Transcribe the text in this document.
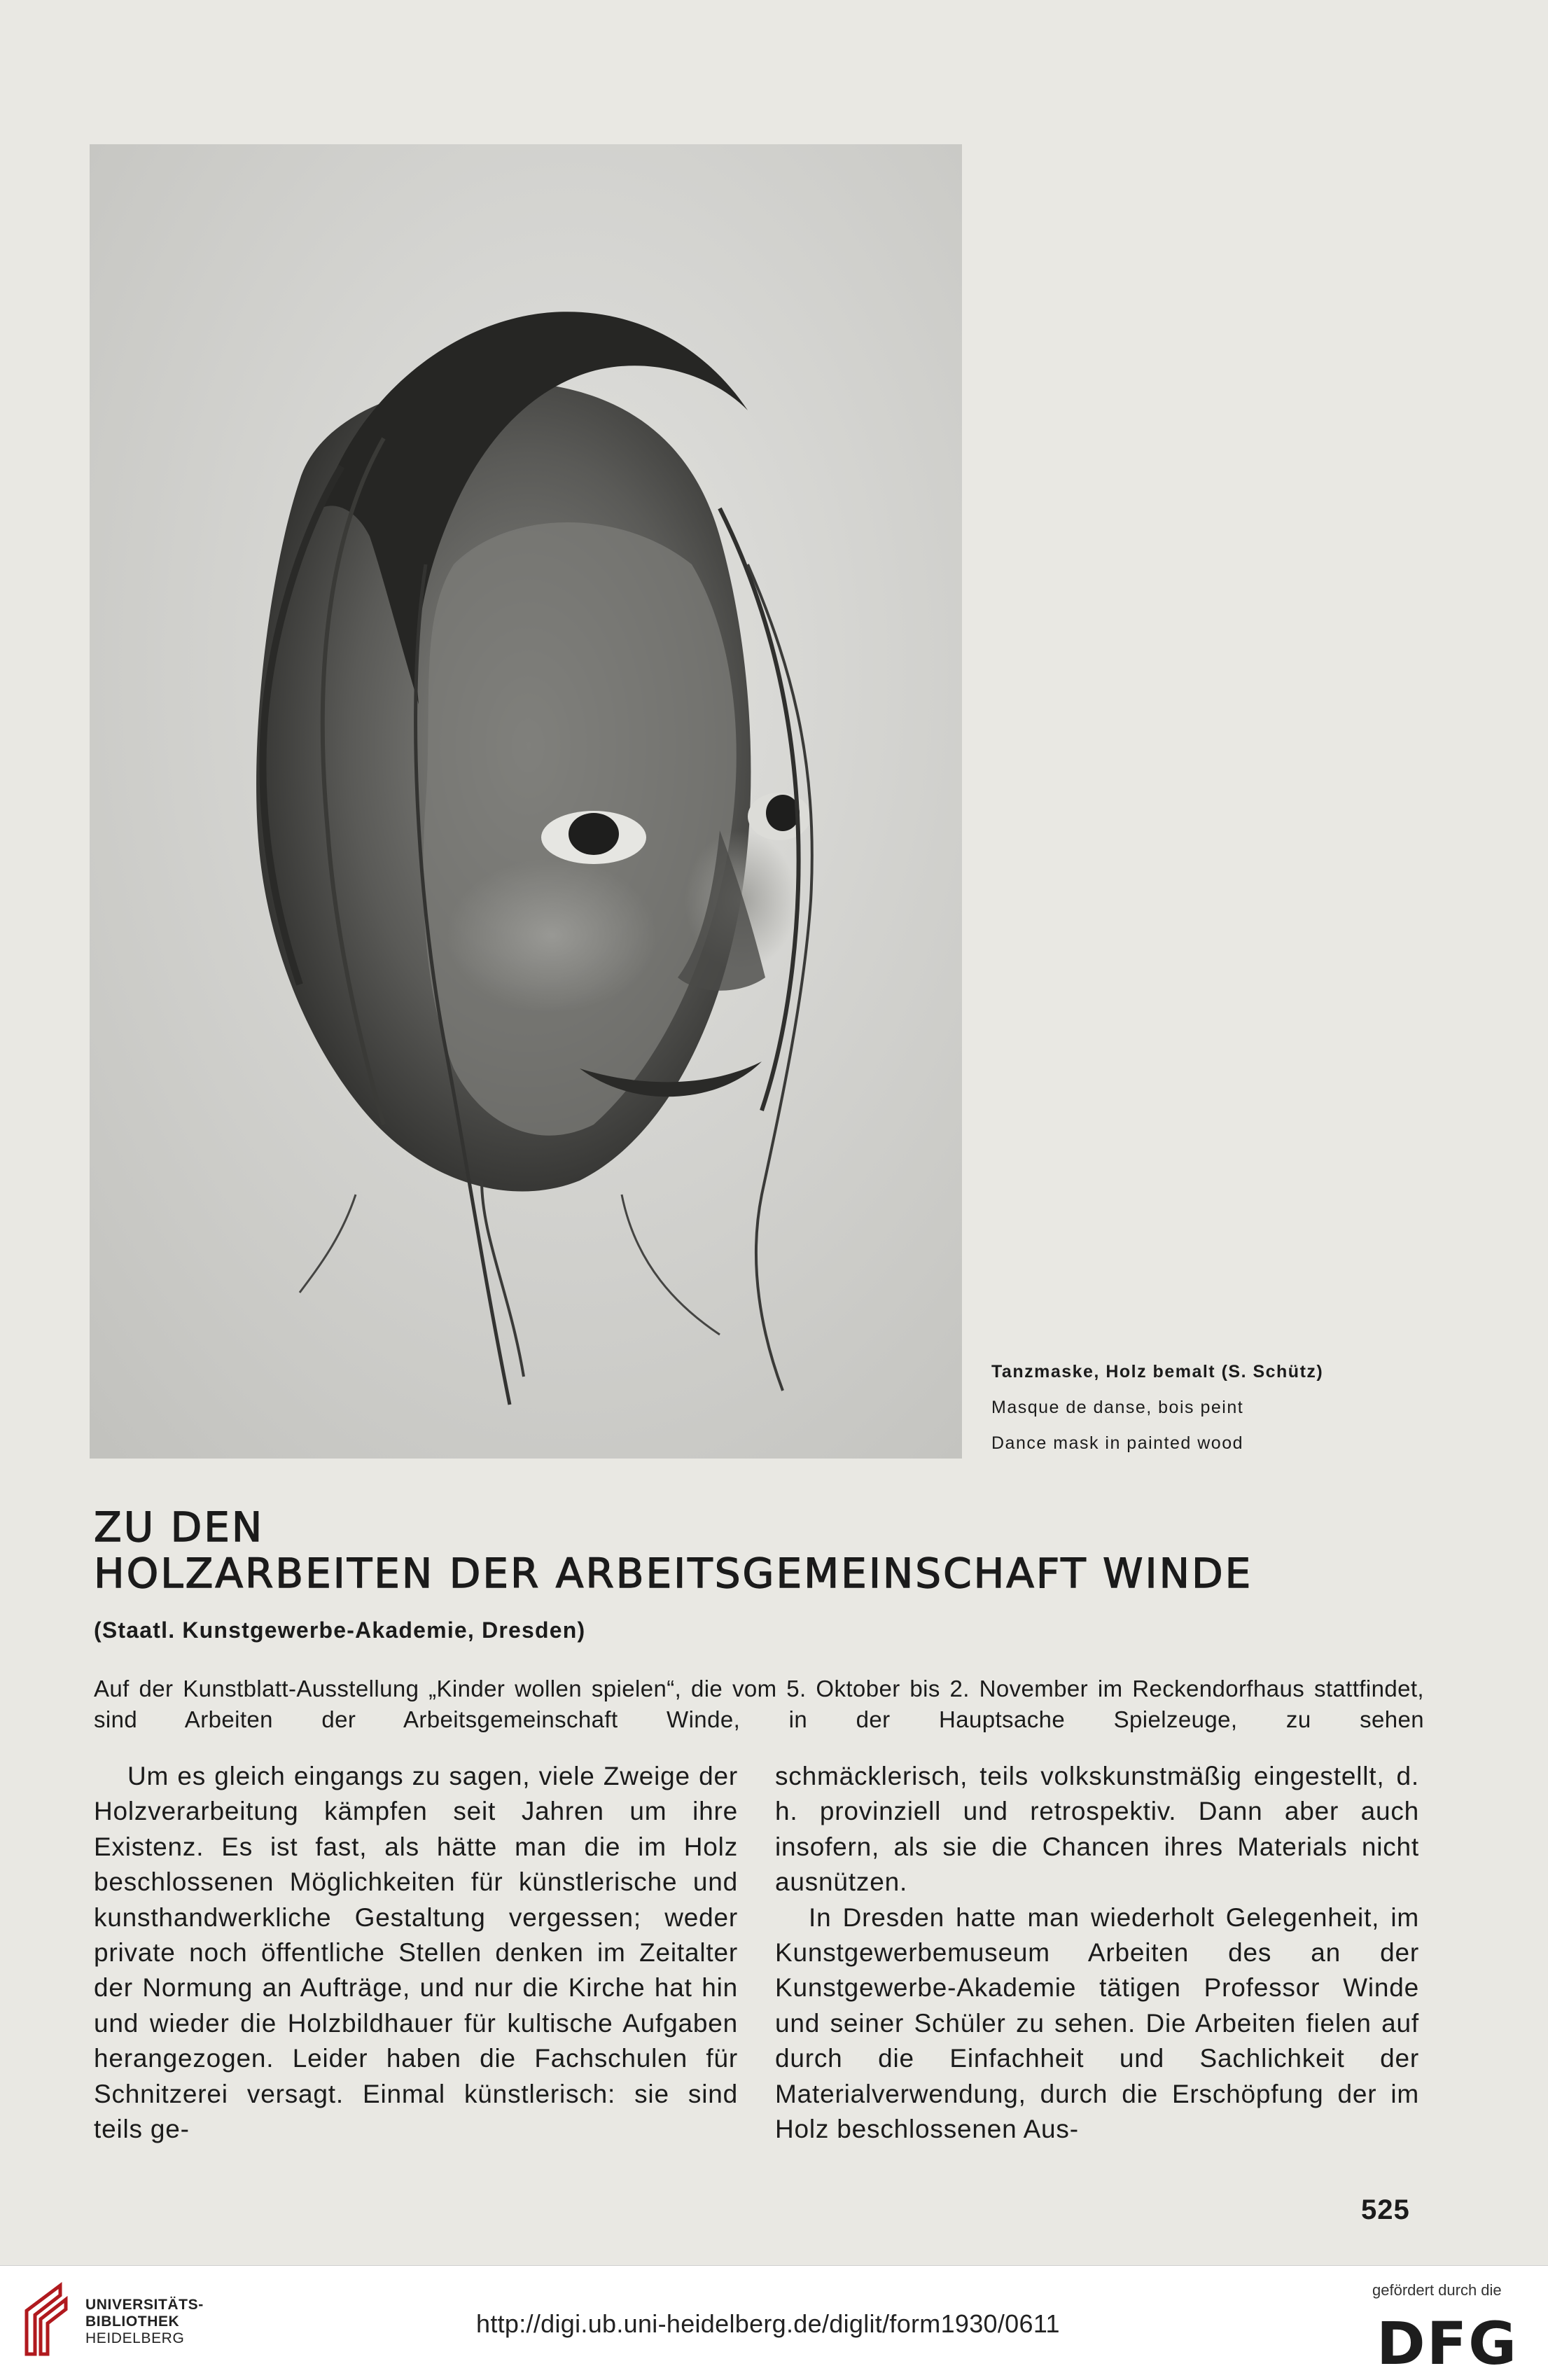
Tanzmaske, Holz bemalt (S. Schütz)
Masque de danse, bois peint
Dance mask in painted wood
ZU DEN
HOLZARBEITEN DER ARBEITSGEMEINSCHAFT WINDE
(Staatl. Kunstgewerbe-Akademie, Dresden)
Auf der Kunstblatt-Ausstellung „Kinder wollen spielen“, die vom 5. Oktober bis 2. November im Reckendorfhaus stattfindet, sind Arbeiten der Arbeitsgemeinschaft Winde, in der Hauptsache Spielzeuge, zu sehen

Um es gleich eingangs zu sagen, viele Zweige der Holzverarbeitung kämpfen seit Jahren um ihre Existenz. Es ist fast, als hätte man die im Holz beschlossenen Möglichkeiten für künstlerische und kunsthandwerkliche Gestaltung vergessen; weder private noch öffentliche Stellen denken im Zeitalter der Normung an Aufträge, und nur die Kirche hat hin und wieder die Holzbildhauer für kultische Aufgaben herangezogen. Leider haben die Fachschulen für Schnitzerei versagt. Einmal künstlerisch: sie sind teils ge-

schmäcklerisch, teils volkskunstmäßig eingestellt, d. h. provinziell und retrospektiv. Dann aber auch insofern, als sie die Chancen ihres Materials nicht ausnützen.

In Dresden hatte man wiederholt Gelegenheit, im Kunstgewerbemuseum Arbeiten des an der Kunstgewerbe-Akademie tätigen Professor Winde und seiner Schüler zu sehen. Die Arbeiten fielen auf durch die Einfachheit und Sachlichkeit der Materialverwendung, durch die Erschöpfung der im Holz beschlossenen Aus-

525
UNIVERSITÄTS-
BIBLIOTHEK
HEIDELBERG
http://digi.ub.uni-heidelberg.de/diglit/form1930/0611
gefördert durch die
DFG
